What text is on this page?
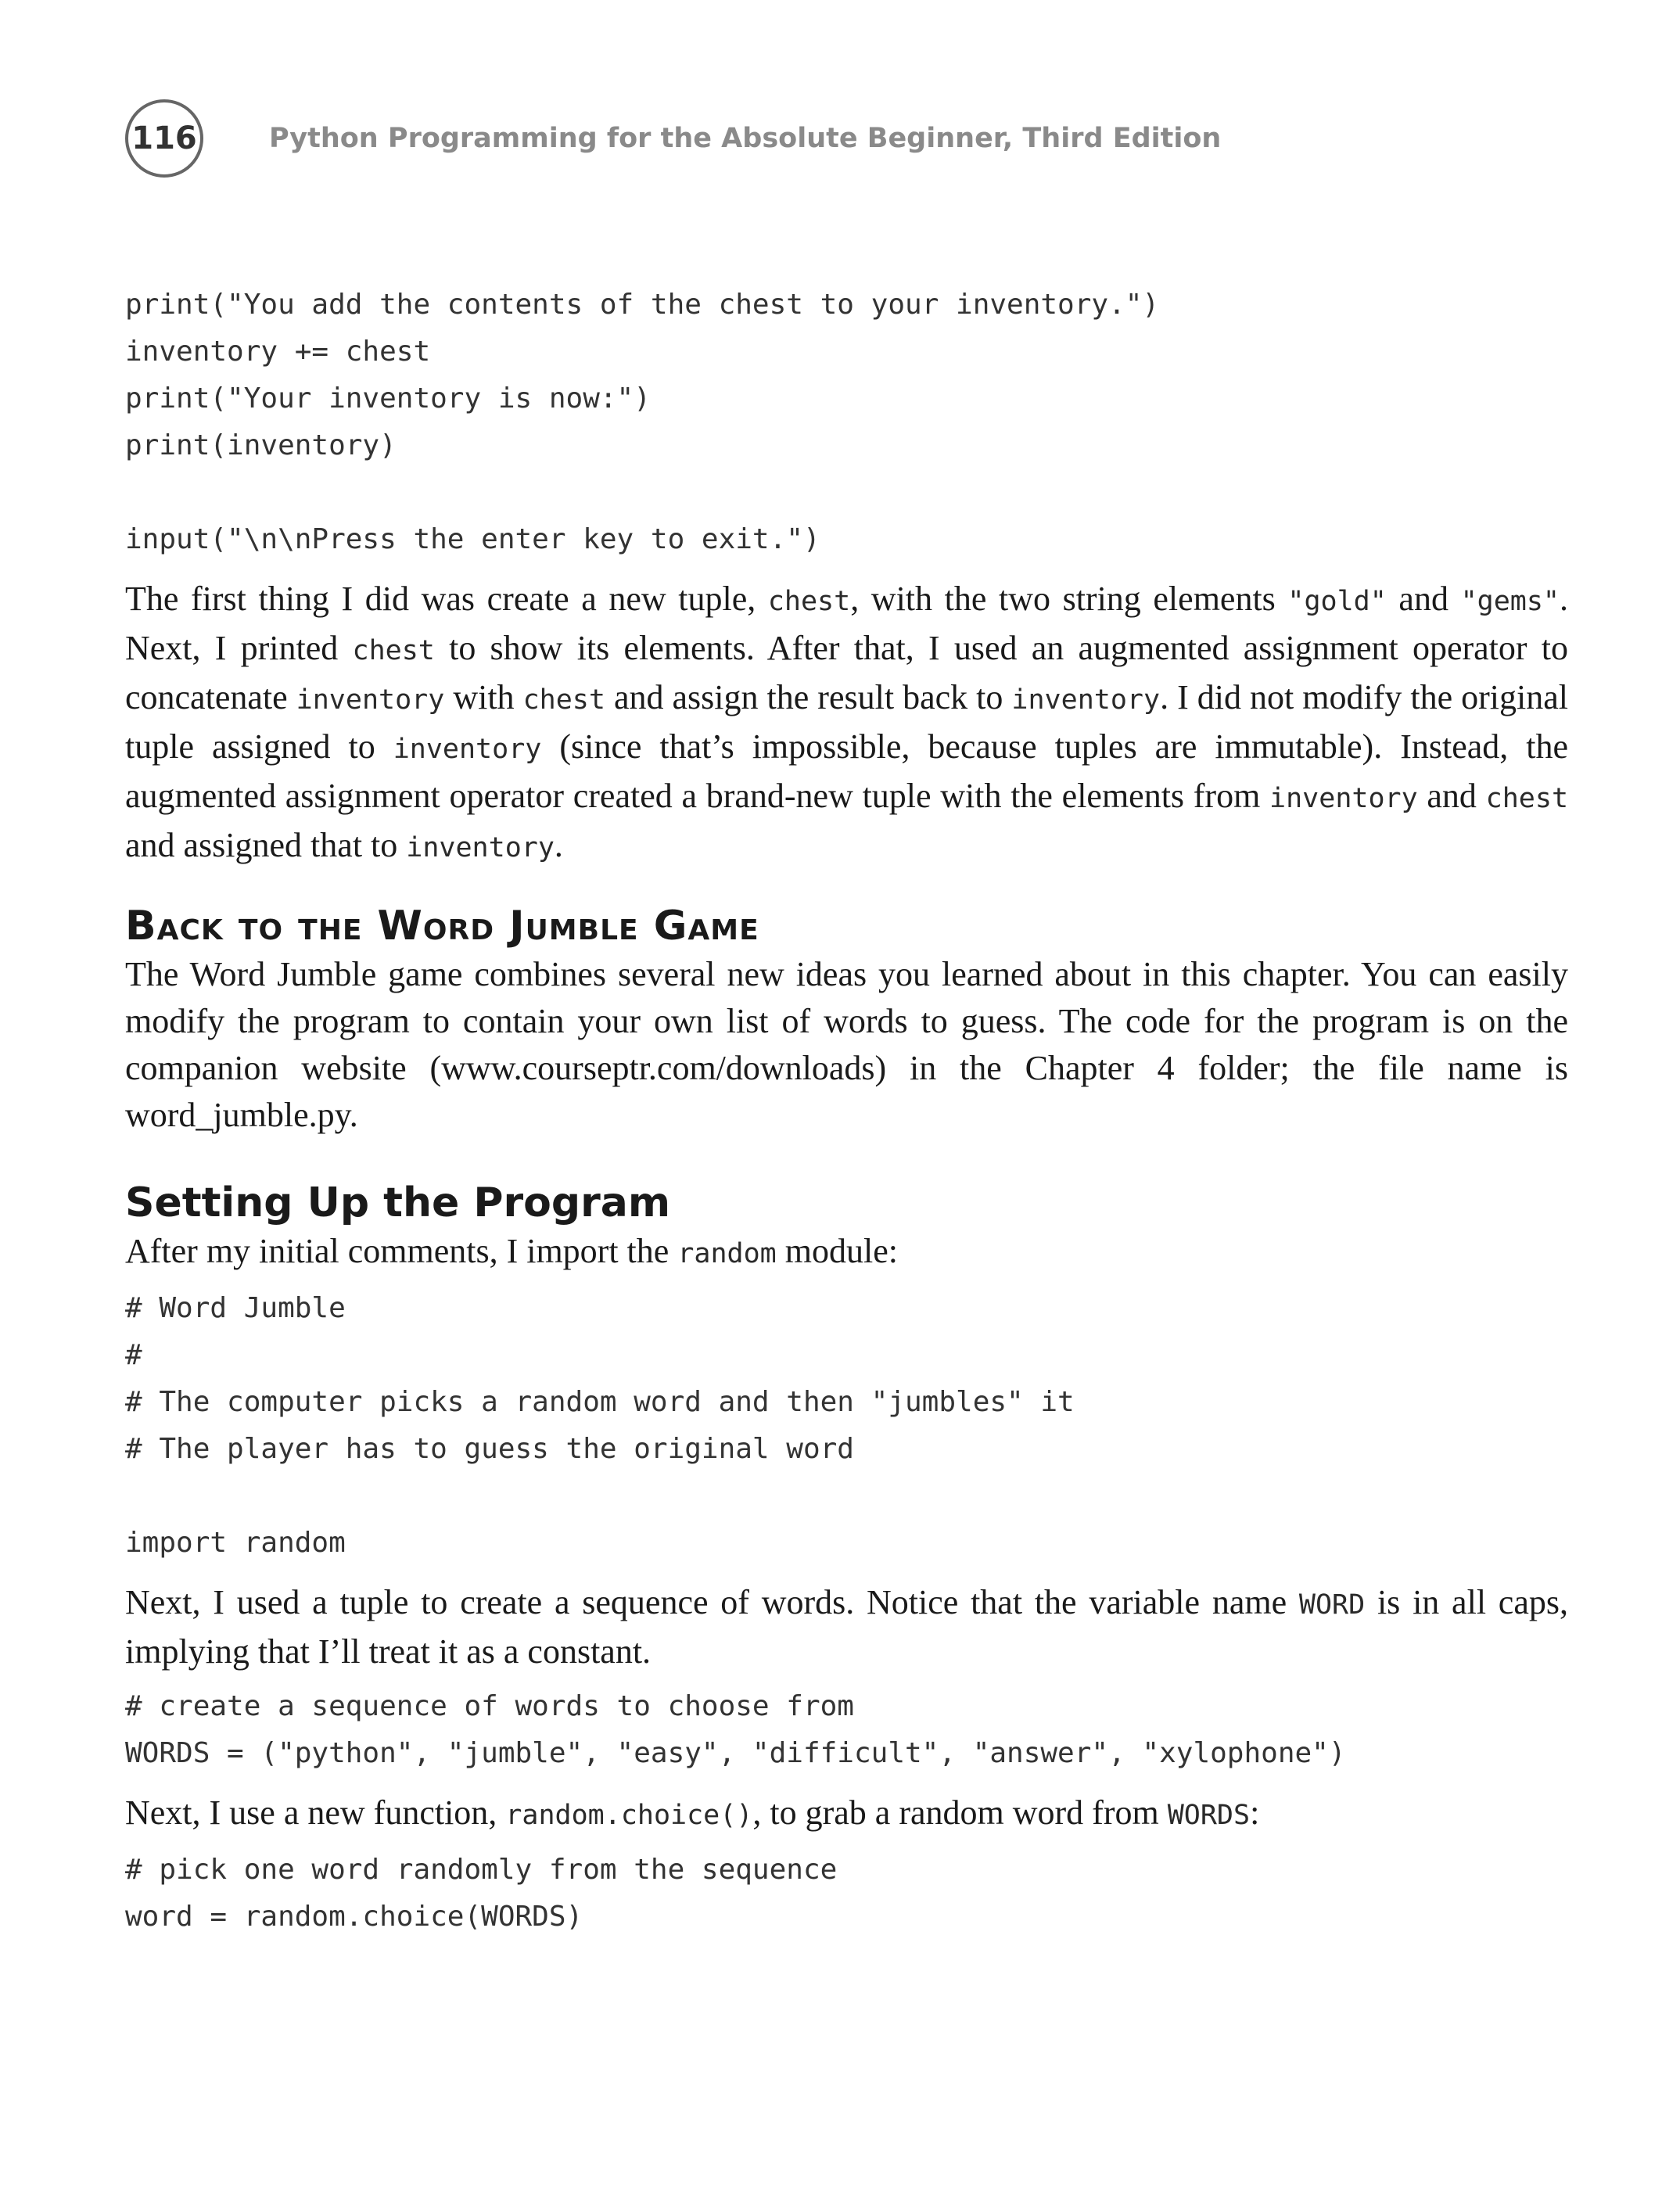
116	Python Programming for the Absolute Beginner, Third Edition
print("You add the contents of the chest to your inventory.")
inventory += chest
print("Your inventory is now:")
print(inventory)
input("\n\nPress the enter key to exit.")

The first thing I did was create a new tuple, chest, with the two string elements "gold" and "gems". Next, I printed chest to show its elements. After that, I used an augmented assignment operator to concatenate inventory with chest and assign the result back to inventory. I did not modify the original tuple assigned to inventory (since that’s impossible, because tuples are immutable). Instead, the augmented assignment operator created a brand-new tuple with the elements from inventory and chest and assigned that to inventory.

Back to the Word Jumble Game

The Word Jumble game combines several new ideas you learned about in this chapter. You can easily modify the program to contain your own list of words to guess. The code for the program is on the companion website (www.courseptr.com/downloads) in the Chapter 4 folder; the file name is word_jumble.py.

Setting Up the Program

After my initial comments, I import the random module:

# Word Jumble
#
# The computer picks a random word and then "jumbles" it
# The player has to guess the original word
import random

Next, I used a tuple to create a sequence of words. Notice that the variable name WORD is in all caps, implying that I’ll treat it as a constant.

# create a sequence of words to choose from
WORDS = ("python", "jumble", "easy", "difficult", "answer", "xylophone")

Next, I use a new function, random.choice(), to grab a random word from WORDS:

# pick one word randomly from the sequence
word = random.choice(WORDS)
